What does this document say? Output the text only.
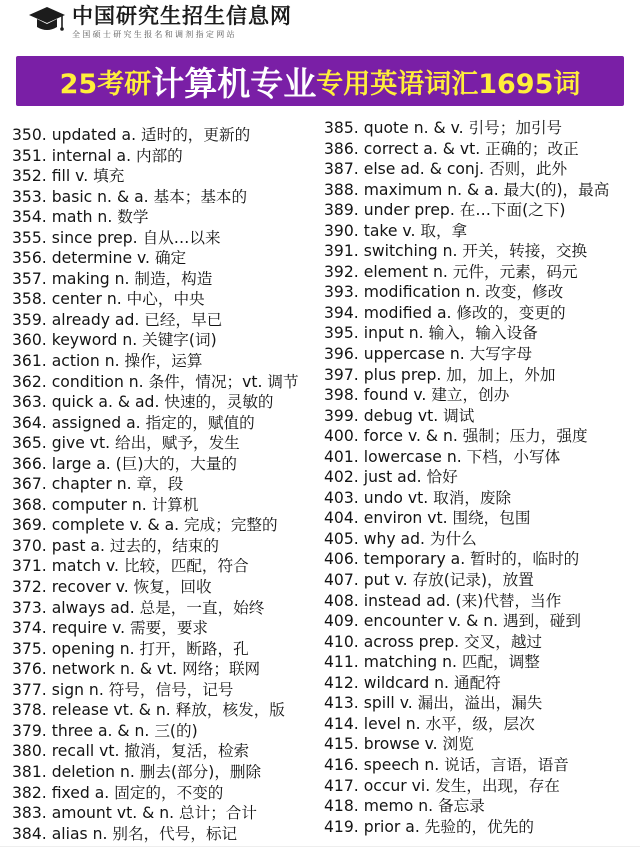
中国研究生招生信息网
全国硕士研究生报名和调剂指定网站
25考研 计算机专业 专用英语词汇1695词
350. updated a. 适时的，更新的
351. internal a. 内部的
352. fill v. 填充
353. basic n. & a. 基本；基本的
354. math n. 数学
355. since prep. 自从…以来
356. determine v. 确定
357. making n. 制造，构造
358. center n. 中心，中央
359. already ad. 已经，早已
360. keyword n. 关键字(词)
361. action n. 操作，运算
362. condition n. 条件，情况；vt. 调节
363. quick a. & ad. 快速的，灵敏的
364. assigned a. 指定的，赋值的
365. give vt. 给出，赋予，发生
366. large a. (巨)大的，大量的
367. chapter n. 章，段
368. computer n. 计算机
369. complete v. & a. 完成；完整的
370. past a. 过去的，结束的
371. match v. 比较，匹配，符合
372. recover v. 恢复，回收
373. always ad. 总是，一直，始终
374. require v. 需要，要求
375. opening n. 打开，断路，孔
376. network n. & vt. 网络；联网
377. sign n. 符号，信号，记号
378. release vt. & n. 释放，核发，版
379. three a. & n. 三(的)
380. recall vt. 撤消，复活，检索
381. deletion n. 删去(部分)，删除
382. fixed a. 固定的，不变的
383. amount vt. & n. 总计；合计
384. alias n. 别名，代号，标记
385. quote n. & v. 引号；加引号
386. correct a. & vt. 正确的；改正
387. else ad. & conj. 否则，此外
388. maximum n. & a. 最大(的)，最高
389. under prep. 在…下面(之下)
390. take v. 取，拿
391. switching n. 开关，转接，交换
392. element n. 元件，元素，码元
393. modification n. 改变，修改
394. modified a. 修改的，变更的
395. input n. 输入，输入设备
396. uppercase n. 大写字母
397. plus prep. 加，加上，外加
398. found v. 建立，创办
399. debug vt. 调试
400. force v. & n. 强制；压力，强度
401. lowercase n. 下档，小写体
402. just ad. 恰好
403. undo vt. 取消，废除
404. environ vt. 围绕，包围
405. why ad. 为什么
406. temporary a. 暂时的，临时的
407. put v. 存放(记录)，放置
408. instead ad. (来)代替，当作
409. encounter v. & n. 遇到，碰到
410. across prep. 交叉，越过
411. matching n. 匹配，调整
412. wildcard n. 通配符
413. spill v. 漏出，溢出，漏失
414. level n. 水平，级，层次
415. browse v. 浏览
416. speech n. 说话，言语，语音
417. occur vi. 发生，出现，存在
418. memo n. 备忘录
419. prior a. 先验的，优先的
